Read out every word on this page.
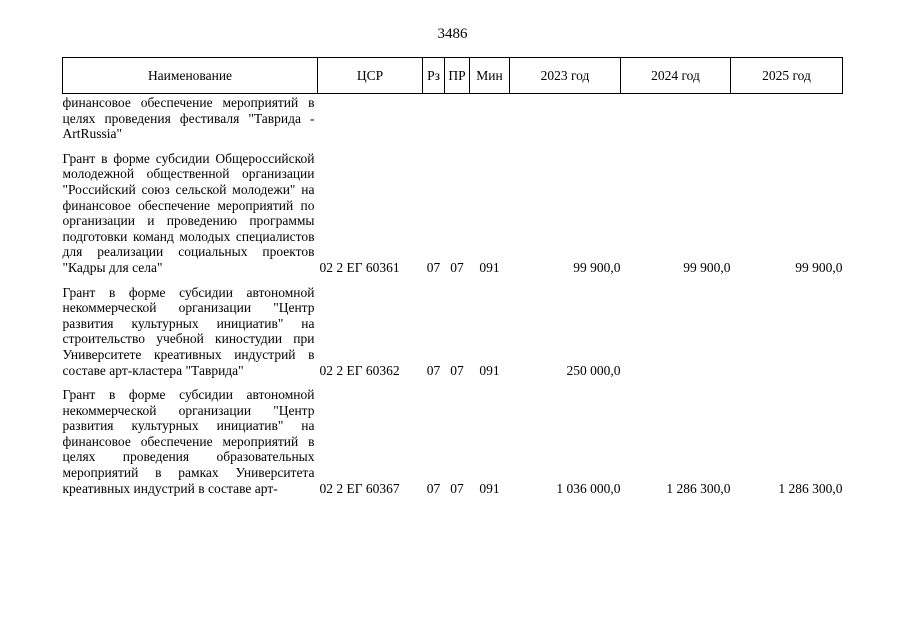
3486
Наименование	ЦСР	Рз	ПР	Мин	2023 год	2024 год	2025 год
финансовое обеспечение мероприятий в целях проведения фестиваля "Таврида - ArtRussia"							
Грант в форме субсидии Общероссийской молодежной общественной организации "Российский союз сельской молодежи" на финансовое обеспечение мероприятий по организации и проведению программы подготовки команд молодых специалистов для реализации социальных проектов "Кадры для села"	02 2 ЕГ 60361	07	07	091	99 900,0	99 900,0	99 900,0
Грант в форме субсидии автономной некоммерческой организации "Центр развития культурных инициатив" на строительство учебной киностудии при Университете креативных индустрий в составе арт-кластера "Таврида"	02 2 ЕГ 60362	07	07	091	250 000,0		
Грант в форме субсидии автономной некоммерческой организации "Центр развития культурных инициатив" на финансовое обеспечение мероприятий в целях проведения образовательных мероприятий в рамках Университета креативных индустрий в составе арт-	02 2 ЕГ 60367	07	07	091	1 036 000,0	1 286 300,0	1 286 300,0
